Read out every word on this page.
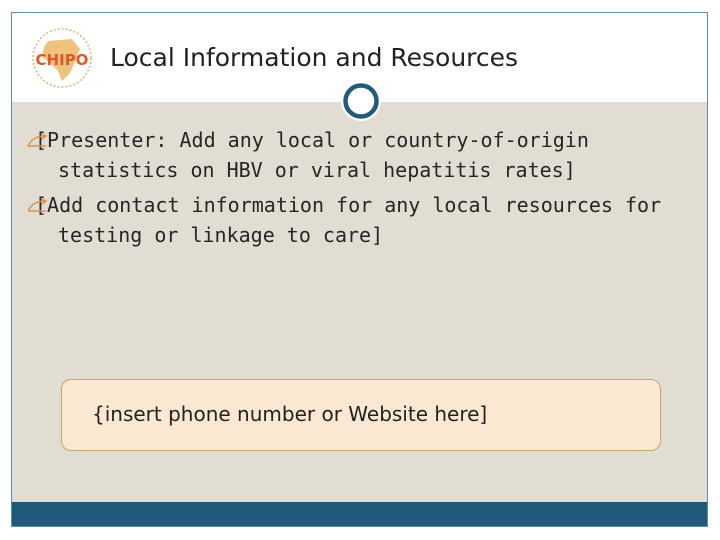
CHIPO Local Information and Resources
[Presenter: Add any local or country-of-origin
statistics on HBV or viral hepatitis rates]
[Add contact information for any local resources for
testing or linkage to care]
{insert phone number or Website here]
